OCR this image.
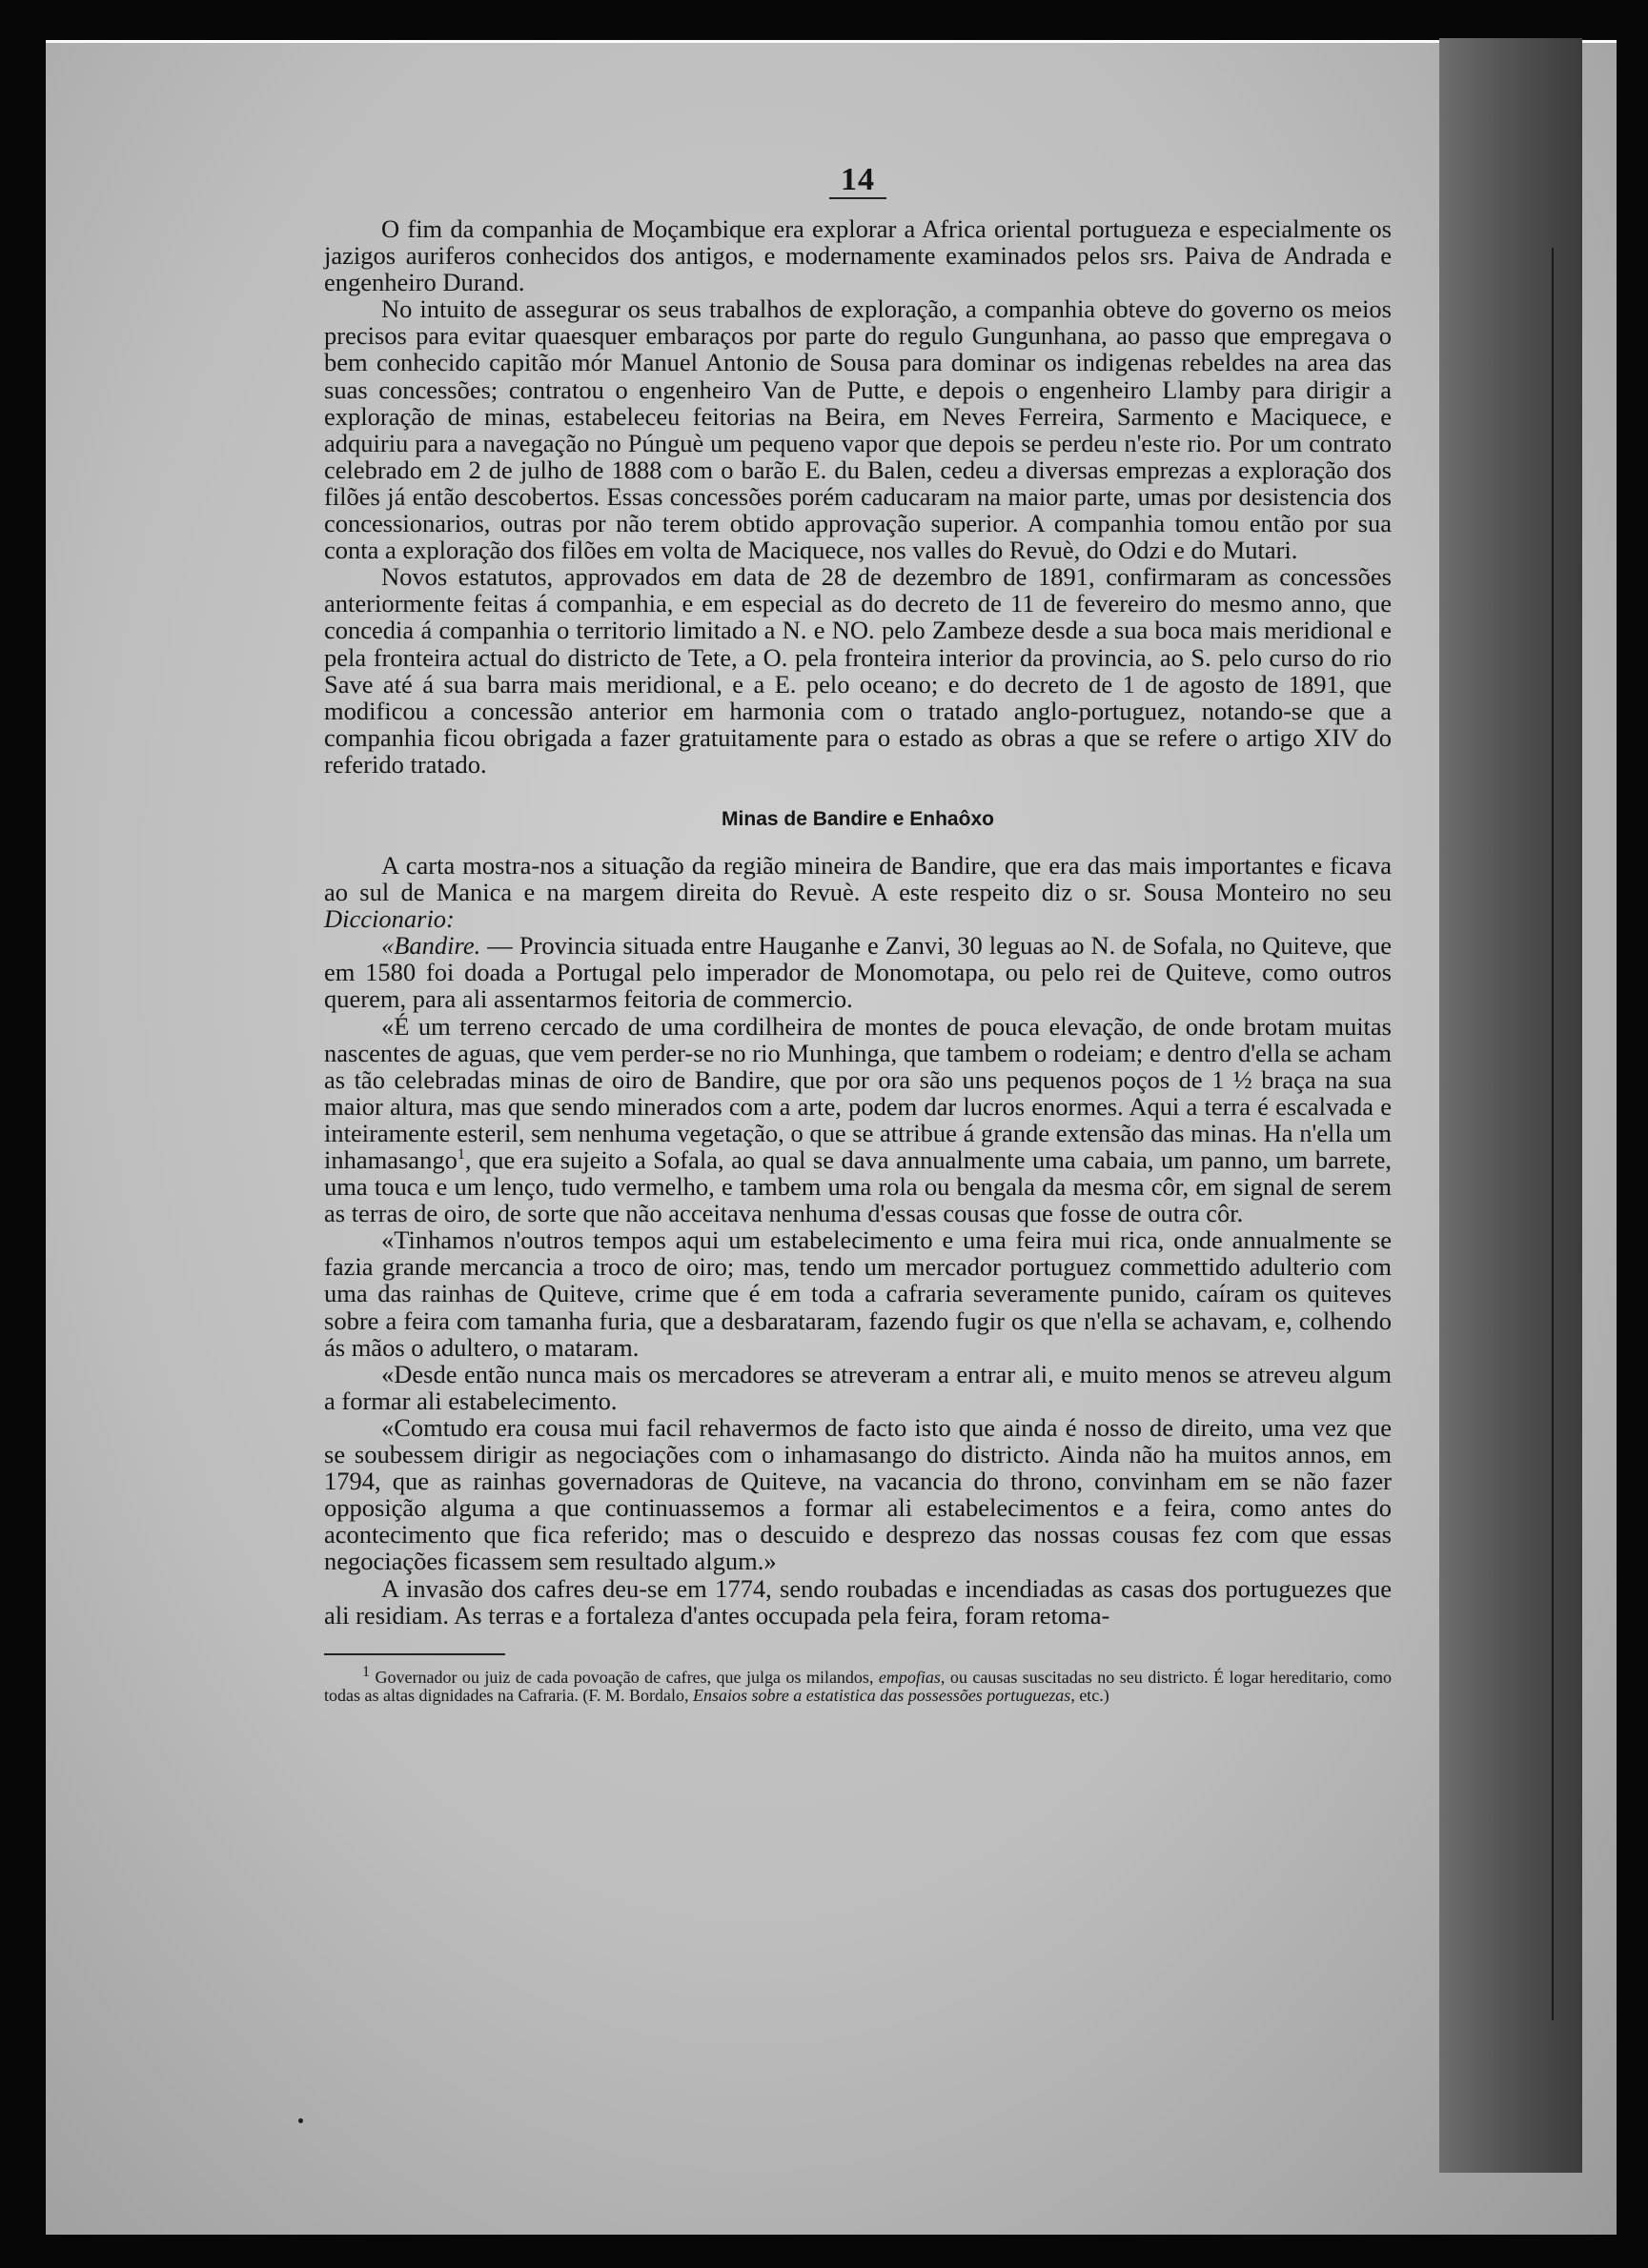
14

O fim da companhia de Moçambique era explorar a Africa oriental portugueza e especialmente os jazigos auriferos conhecidos dos antigos, e modernamente examinados pelos srs. Paiva de Andrada e engenheiro Durand.

No intuito de assegurar os seus trabalhos de exploração, a companhia obteve do governo os meios precisos para evitar quaesquer embaraços por parte do regulo Gungunhana, ao passo que empregava o bem conhecido capitão mór Manuel Antonio de Sousa para dominar os indigenas rebeldes na area das suas concessões; contratou o engenheiro Van de Putte, e depois o engenheiro Llamby para dirigir a exploração de minas, estabeleceu feitorias na Beira, em Neves Ferreira, Sarmento e Maciquece, e adquiriu para a navegação no Púnguè um pequeno vapor que depois se perdeu n'este rio. Por um contrato celebrado em 2 de julho de 1888 com o barão E. du Balen, cedeu a diversas emprezas a exploração dos filões já então descobertos. Essas concessões porém caducaram na maior parte, umas por desistencia dos concessionarios, outras por não terem obtido approvação superior. A companhia tomou então por sua conta a exploração dos filões em volta de Maciquece, nos valles do Revuè, do Odzi e do Mutari.

Novos estatutos, approvados em data de 28 de dezembro de 1891, confirmaram as concessões anteriormente feitas á companhia, e em especial as do decreto de 11 de fevereiro do mesmo anno, que concedia á companhia o territorio limitado a N. e NO. pelo Zambeze desde a sua boca mais meridional e pela fronteira actual do districto de Tete, a O. pela fronteira interior da provincia, ao S. pelo curso do rio Save até á sua barra mais meridional, e a E. pelo oceano; e do decreto de 1 de agosto de 1891, que modificou a concessão anterior em harmonia com o tratado anglo-portuguez, notando-se que a companhia ficou obrigada a fazer gratuitamente para o estado as obras a que se refere o artigo XIV do referido tratado.

Minas de Bandire e Enhaôxo

A carta mostra-nos a situação da região mineira de Bandire, que era das mais importantes e ficava ao sul de Manica e na margem direita do Revuè. A este respeito diz o sr. Sousa Monteiro no seu Diccionario:

«Bandire. — Provincia situada entre Hauganhe e Zanvi, 30 leguas ao N. de Sofala, no Quiteve, que em 1580 foi doada a Portugal pelo imperador de Monomotapa, ou pelo rei de Quiteve, como outros querem, para ali assentarmos feitoria de commercio.

«É um terreno cercado de uma cordilheira de montes de pouca elevação, de onde brotam muitas nascentes de aguas, que vem perder-se no rio Munhinga, que tambem o rodeiam; e dentro d'ella se acham as tão celebradas minas de oiro de Bandire, que por ora são uns pequenos poços de 1 ½ braça na sua maior altura, mas que sendo minerados com a arte, podem dar lucros enormes. Aqui a terra é escalvada e inteiramente esteril, sem nenhuma vegetação, o que se attribue á grande extensão das minas. Ha n'ella um inhamasango$^1$, que era sujeito a Sofala, ao qual se dava annualmente uma cabaia, um panno, um barrete, uma touca e um lenço, tudo vermelho, e tambem uma rola ou bengala da mesma côr, em signal de serem as terras de oiro, de sorte que não acceitava nenhuma d'essas cousas que fosse de outra côr.

«Tinhamos n'outros tempos aqui um estabelecimento e uma feira mui rica, onde annualmente se fazia grande mercancia a troco de oiro; mas, tendo um mercador portuguez commettido adulterio com uma das rainhas de Quiteve, crime que é em toda a cafraria severamente punido, caíram os quiteves sobre a feira com tamanha furia, que a desbarataram, fazendo fugir os que n'ella se achavam, e, colhendo ás mãos o adultero, o mataram.

«Desde então nunca mais os mercadores se atreveram a entrar ali, e muito menos se atreveu algum a formar ali estabelecimento.

«Comtudo era cousa mui facil rehavermos de facto isto que ainda é nosso de direito, uma vez que se soubessem dirigir as negociações com o inhamasango do districto. Ainda não ha muitos annos, em 1794, que as rainhas governadoras de Quiteve, na vacancia do throno, convinham em se não fazer opposição alguma a que continuassemos a formar ali estabelecimentos e a feira, como antes do acontecimento que fica referido; mas o descuido e desprezo das nossas cousas fez com que essas negociações ficassem sem resultado algum.»

A invasão dos cafres deu-se em 1774, sendo roubadas e incendiadas as casas dos portuguezes que ali residiam. As terras e a fortaleza d'antes occupada pela feira, foram retoma-

1 Governador ou juiz de cada povoação de cafres, que julga os milandos, empofias, ou causas suscitadas no seu districto. É logar hereditario, como todas as altas dignidades na Cafraria. (F. M. Bordalo, Ensaios sobre a estatistica das possessões portuguezas, etc.)
